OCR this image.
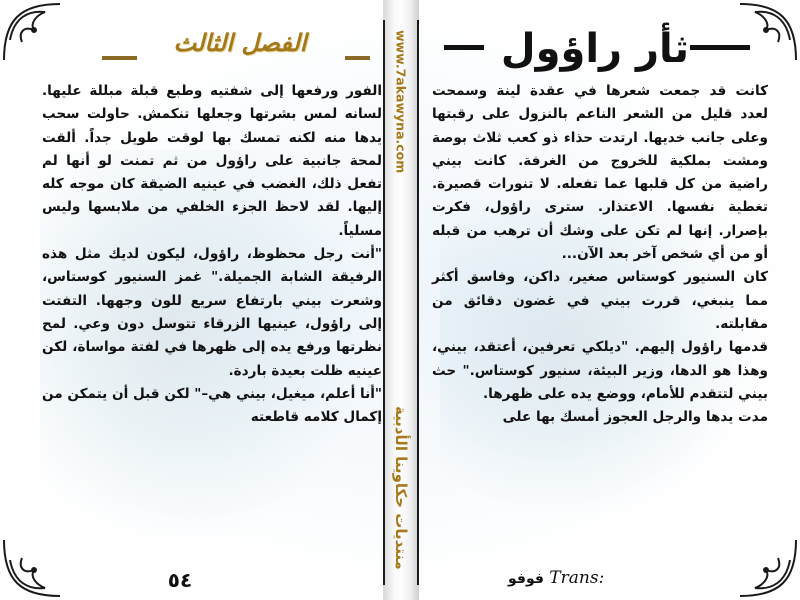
www.7akawyna.com
منتديات حكاوينا الأدبية
الفصل الثالث	ثأر راؤول

الفور ورفعها إلى شفتيه وطبع قبلة مبللة عليها. لسانه لمس بشرتها وجعلها تنكمش. حاولت سحب يدها منه لكنه تمسك بها لوقت طويل جداً. ألقت لمحة جانبية على راؤول من ثم تمنت لو أنها لم تفعل ذلك، الغضب في عينيه الضيقة كان موجه كله إليها. لقد لاحظ الجزء الخلفي من ملابسها وليس مسلياً.

"أنت رجل محظوظ، راؤول، ليكون لديك مثل هذه الرفيقة الشابة الجميلة." غمز السنيور كوستاس، وشعرت بيني بارتفاع سريع للون وجهها. التفتت إلى راؤول، عينيها الزرقاء تتوسل دون وعي. لمح نظرتها ورفع يده إلى ظهرها في لفتة مواساة، لكن عينيه ظلت بعيدة باردة.

"أنا أعلم، ميغيل، بيني هي–" لكن قبل أن يتمكن من إكمال كلامه قاطعته

كانت قد جمعت شعرها في عقدة لينة وسمحت لعدد قليل من الشعر الناعم بالنزول على رقبتها وعلى جانب خديها. ارتدت حذاء ذو كعب ثلاث بوصة ومشت بملكية للخروج من الغرفة. كانت بيني راضية من كل قلبها عما تفعله. لا تنورات قصيرة. تغطية نفسها. الاعتذار. سترى راؤول، فكرت بإصرار. إنها لم تكن على وشك أن ترهب من قبله أو من أي شخص آخر بعد الآن...

كان السنيور كوستاس صغير، داكن، وفاسق أكثر مما ينبغي، قررت بيني في غضون دقائق من مقابلته.

قدمها راؤول إليهم. "ديلكي تعرفين، أعتقد، بيني، وهذا هو الدها، وزير البيئة، سنيور كوستاس." حث بيني لتتقدم للأمام، ووضع يده على ظهرها.

مدت يدها والرجل العجوز أمسك بها على

٥٤	فوفو Trans:
